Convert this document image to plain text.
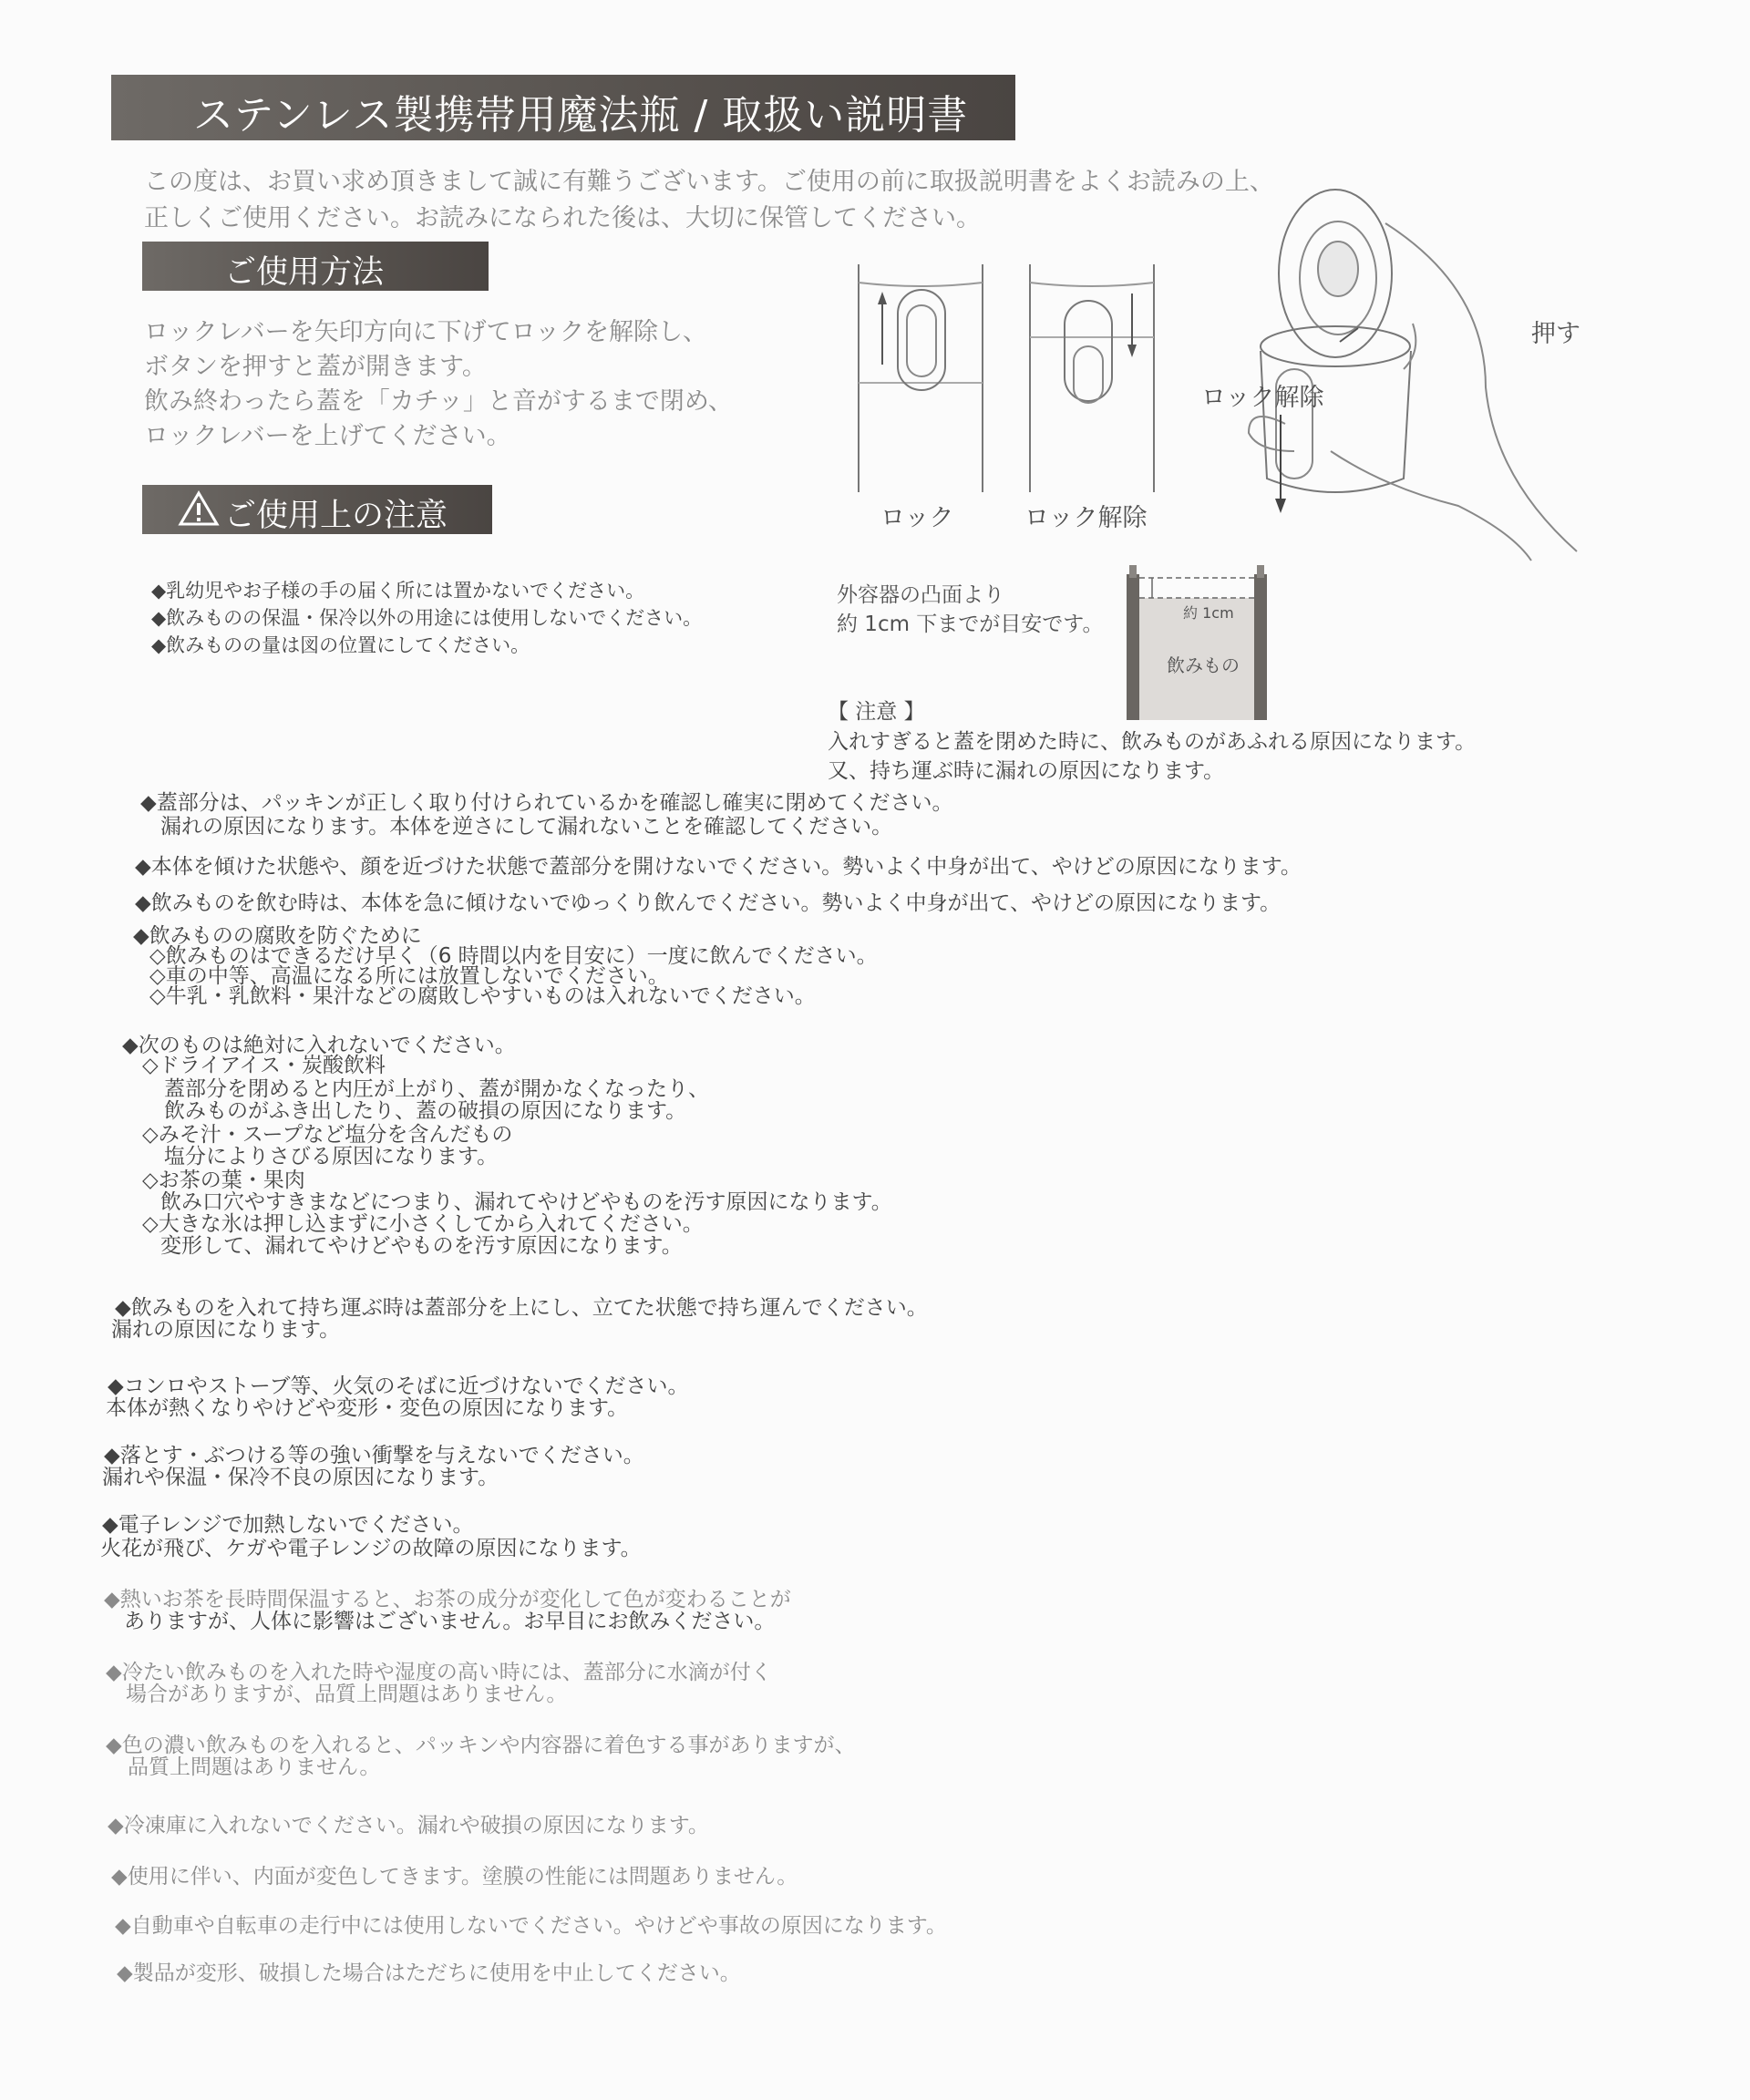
ステンレス製携帯用魔法瓶 / 取扱い説明書
この度は、お買い求め頂きまして誠に有難うございます。ご使用の前に取扱説明書をよくお読みの上、
正しくご使用ください。お読みになられた後は、大切に保管してください。
ご使用方法
ロックレバーを矢印方向に下げてロックを解除し、
ボタンを押すと蓋が開きます。
飲み終わったら蓋を「カチッ」と音がするまで閉め、
ロックレバーを上げてください。
ご使用上の注意	ロック	ロック解除
押す
ロック解除
外容器の凸面より
約 1cm 下までが目安です。	約 1cm
飲みもの
【 注意 】
入れすぎると蓋を閉めた時に、飲みものがあふれる原因になります。
又、持ち運ぶ時に漏れの原因になります。
◆乳幼児やお子様の手の届く所には置かないでください。
◆飲みものの保温・保冷以外の用途には使用しないでください。
◆飲みものの量は図の位置にしてください。
◆蓋部分は、パッキンが正しく取り付けられているかを確認し確実に閉めてください。
漏れの原因になります。本体を逆さにして漏れないことを確認してください。
◆本体を傾けた状態や、顔を近づけた状態で蓋部分を開けないでください。勢いよく中身が出て、やけどの原因になります。
◆飲みものを飲む時は、本体を急に傾けないでゆっくり飲んでください。勢いよく中身が出て、やけどの原因になります。
◆飲みものの腐敗を防ぐために
◇飲みものはできるだけ早く（6 時間以内を目安に）一度に飲んでください。
◇車の中等、高温になる所には放置しないでください。
◇牛乳・乳飲料・果汁などの腐敗しやすいものは入れないでください。
◆次のものは絶対に入れないでください。
◇ドライアイス・炭酸飲料
蓋部分を閉めると内圧が上がり、蓋が開かなくなったり、
飲みものがふき出したり、蓋の破損の原因になります。
◇みそ汁・スープなど塩分を含んだもの
塩分によりさびる原因になります。
◇お茶の葉・果肉
飲み口穴やすきまなどにつまり、漏れてやけどやものを汚す原因になります。
◇大きな氷は押し込まずに小さくしてから入れてください。
変形して、漏れてやけどやものを汚す原因になります。
◆飲みものを入れて持ち運ぶ時は蓋部分を上にし、立てた状態で持ち運んでください。
漏れの原因になります。
◆コンロやストーブ等、火気のそばに近づけないでください。
本体が熱くなりやけどや変形・変色の原因になります。
◆落とす・ぶつける等の強い衝撃を与えないでください。
漏れや保温・保冷不良の原因になります。
◆電子レンジで加熱しないでください。
火花が飛び、ケガや電子レンジの故障の原因になります。
◆熱いお茶を長時間保温すると、お茶の成分が変化して色が変わることが
ありますが、人体に影響はございません。お早目にお飲みください。
◆冷たい飲みものを入れた時や湿度の高い時には、蓋部分に水滴が付く
場合がありますが、品質上問題はありません。
◆色の濃い飲みものを入れると、パッキンや内容器に着色する事がありますが、
品質上問題はありません。
◆冷凍庫に入れないでください。漏れや破損の原因になります。
◆使用に伴い、内面が変色してきます。塗膜の性能には問題ありません。
◆自動車や自転車の走行中には使用しないでください。やけどや事故の原因になります。
◆製品が変形、破損した場合はただちに使用を中止してください。
